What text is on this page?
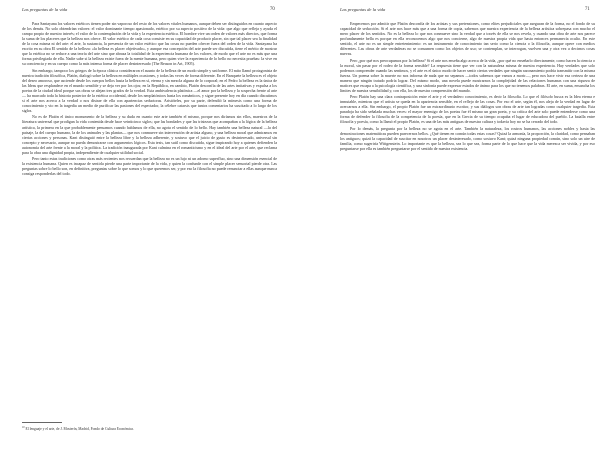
Las preguntas de la vida	70

Para Santayana los valores estéticos tienen poder sin vaporoso del resto de los valores vitales humanos, aunque deben ser distinguidos en cuanto aspecto de los demás. No solo obtendrían valores: el valor dominante tiempo apasionado, estético por su aspecto positivo de la vida: que algo que refleja y ayuda el campo propio de nuestro interés; el valor de la contemplación de la vida y la experiencia estética. El hombre vive un orden de valores más directos, que forma la suma de los placeres que la belleza nos ofrece. El valor estético de cada cosa consiste en su capacidad de producir placer, sin que tal placer sea la finalidad de la cosa misma ni del arte: el arte, la sustancia, la presencia de un valor estético que las cosas no pueden ofrecer fuera del orden de la vida. Santayana ha escrito en su obra El sentido de la belleza: «la belleza es placer objetivado», y aunque esa concepción del arte puede ser discutida, tiene el mérito de mostrar que la estética no se reduce a una teoría del arte sino que abraza la totalidad de la experiencia humana de los valores, de modo que el arte no es más que una forma privilegiada de ella. Nadie sabe si la belleza existe fuera de la mente humana, pero quien vive la experiencia de lo bello no necesita pruebas: la vive en su conciencia y en su cuerpo como la más intensa forma de placer desinteresado (The Reason in Art, 1905).

Sin embargo, tampoco los griegos de la época clásica consideraron el asunto de la belleza de un modo simple y uniforme. El mito llamó protagonista de nuestra tradición filosófica, Platón, dialogó sobre la belleza en múltiples ocasiones, y todas las veces de forma diferente. En el Banquete la belleza es el objeto del deseo amoroso, que asciende desde los cuerpos bellos hasta la belleza en sí, eterna y sin mezcla alguna de lo corporal; en el Fedro la belleza es la única de las Ideas que resplandece en el mundo sensible y se deja ver por los ojos; en la República, en cambio, Platón desconfía de las artes imitativas y expulsa a los poetas de la ciudad ideal porque sus obras se alejan tres grados de la verdad. Esta ambivalencia platónica —el amor por la belleza y la sospecha frente al arte— ha marcado toda la historia posterior de la estética occidental, desde los neoplatónicos hasta los románticos, y sigue presente hoy en día cuando discutimos si el arte nos acerca a la verdad o nos distrae de ella con apariencias seductoras. Aristóteles, por su parte, defendió la mímesis como una forma de conocimiento y vio en la tragedia un medio de purificar las pasiones del espectador, la célebre catarsis que tantos comentarios ha suscitado a lo largo de los siglos.

No es de Platón el único monumento de la belleza y su duda en cuanto este arte también el mismo, porque nos diríamos sin ellos, maestros de la literatura universal que prodigan la vida contenida desde hace veinticinco siglos; que las bondades y que las tristezas que acompañan a la lógica de la belleza artística, la primera en la que probablemente pensamos cuando hablamos de ella, no agota el sentido de lo bello. Hay también una belleza natural —la del paisaje, la del cuerpo humano, la de los animales y las plantas— que nos conmueve sin intervención de artista alguno, y una belleza moral que admiramos en ciertas acciones y personas. Kant distinguió entre la belleza libre y la belleza adherente, y sostuvo que el juicio de gusto es desinteresado, universal sin concepto y necesario, aunque no pueda demostrarse con argumentos lógicos. Esta tesis, tan sutil como discutida, sigue inspirando hoy a quienes defienden la autonomía del arte frente a la moral y la política. La tradición inaugurada por Kant culmina en el romanticismo y en el ideal del arte por el arte, que reclama para la obra una dignidad propia, independiente de cualquier utilidad social.

Pero tanto estas tradiciones como otras más recientes nos recuerdan que la belleza no es un lujo ni un adorno superfluo, sino una dimensión esencial de la existencia humana. Quien es incapaz de sentirla pierde una parte importante de la vida, y quien la confunde con el simple placer sensorial pierde otra. Las preguntas sobre lo bello son, en definitiva, preguntas sobre lo que somos y lo que queremos ser, y por eso la filosofía no puede renunciar a ellas aunque nunca consiga responderlas del todo.

$^{10}$ El lenguaje y el arte, de J. Mosterín, Madrid, Fondo de Cultura Económica.
Las preguntas de la vida	71

Empecemos por admitir que Platón desconfía de los artistas y sus pretensiones, como elites perjudiciales que aseguran de la forma, no el fondo de su capacidad de seducción. Si el arte nos hace más que a una forma de copia, sabemos que nuestra experiencia de la belleza artística sobrepasa con mucho el mero placer de los sentidos. No es la belleza lo que nos conmueve sino la verdad que a través de ella se nos revela, y cuando una obra de arte nos parece profundamente bella es porque en ella reconocemos algo que nos concierne, algo de nuestra propia vida que hasta entonces permanecía oculto. En este sentido, el arte no es un simple entretenimiento: es un instrumento de conocimiento tan serio como la ciencia o la filosofía, aunque opere con medios diferentes. Las obras de arte verdaderas no se consumen como los objetos de uso; se contemplan, se interrogan, vuelven una y otra vez a decirnos cosas nuevas.

Pero ¿por qué nos preocupamos por la belleza? Si el arte nos enseña algo acerca de la vida, ¿por qué no enseñarlo directamente, como hacen la ciencia o la moral, sin pasar por el rodeo de la forma sensible? La respuesta tiene que ver con la naturaleza misma de nuestra experiencia. Hay verdades que solo podemos comprender cuando las sentimos, y el arte es el único modo de hacer sentir ciertas verdades que ningún razonamiento podría transmitir con la misma fuerza. Un poema sobre la muerte no nos informa de nada que no sepamos —todos sabemos que vamos a morir—, pero nos hace vivir esa certeza de una manera que ningún tratado podría lograr. Del mismo modo, una novela puede mostrarnos la complejidad de las relaciones humanas con una riqueza de matices que escapa a la psicología científica, y una sinfonía puede expresar estados de ánimo para los que no tenemos palabras. El arte, en suma, ensancha los límites de nuestra sensibilidad y, con ella, los de nuestra comprensión del mundo.

Pero Platón hay una clara contraposición entre el arte y el verdadero conocimiento, es decir la filosofía. Lo que el filósofo busca es la Idea eterna e inmutable, mientras que el artista se queda en la apariencia sensible, en el reflejo de las cosas. Por eso el arte, según él, nos aleja de la verdad en lugar de acercarnos a ella. Sin embargo, el propio Platón fue un extraordinario escritor, y sus diálogos son obras de arte tan logradas como cualquier tragedia. Esta paradoja ha sido señalada muchas veces: el mayor enemigo de los poetas fue él mismo un gran poeta, y su crítica del arte solo puede entenderse como una forma de defender la filosofía de la competencia de la poesía, que en la Grecia de su tiempo ocupaba el lugar de educadora del pueblo. La batalla entre filosofía y poesía, como la llamó el propio Platón, es una de las más antiguas de nuestra cultura y todavía hoy no se ha cerrado del todo.

Por lo demás, la pregunta por la belleza no se agota en el arte. También la naturaleza, los rostros humanos, las acciones nobles y hasta las demostraciones matemáticas pueden parecernos bellos. ¿Qué tienen en común todas estas cosas? Quizá la armonía, la proporción, la claridad, como pensaban los antiguos; quizá la capacidad de suscitar en nosotros un placer desinteresado, como sostuvo Kant; quizá ninguna propiedad común, sino solo un aire de familia, como sugeriría Wittgenstein. Lo importante es que la belleza, sea lo que sea, forma parte de lo que hace que la vida merezca ser vivida, y por eso preguntarse por ella es también preguntarse por el sentido de nuestra existencia.
